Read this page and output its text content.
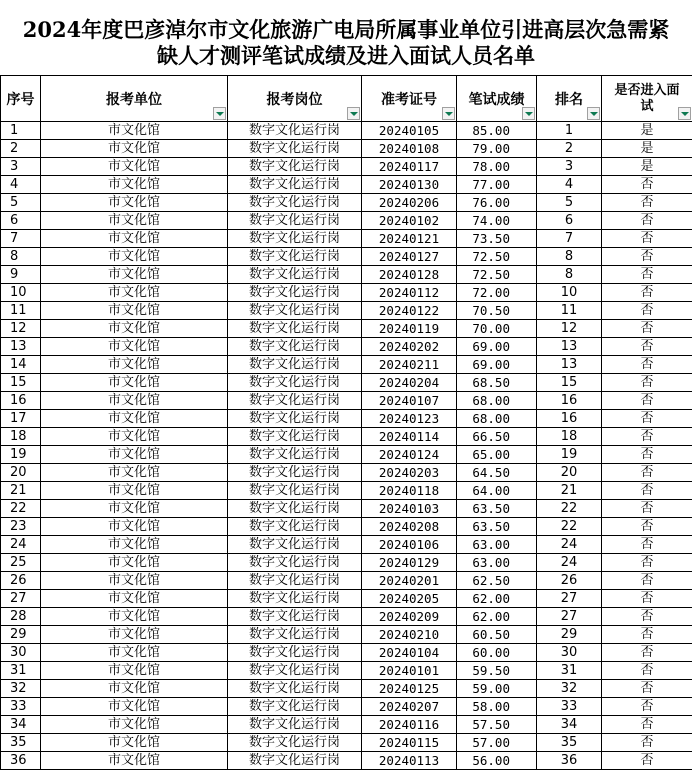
2024年度巴彦淖尔市文化旅游广电局所属事业单位引进高层次急需紧
缺人才测评笔试成绩及进入面试人员名单
序号	报考单位	报考岗位	准考证号	笔试成绩	排名	是否进入面试

1	市文化馆	数字文化运行岗	20240105	85.00	1	是
2	市文化馆	数字文化运行岗	20240108	79.00	2	是
3	市文化馆	数字文化运行岗	20240117	78.00	3	是
4	市文化馆	数字文化运行岗	20240130	77.00	4	否
5	市文化馆	数字文化运行岗	20240206	76.00	5	否
6	市文化馆	数字文化运行岗	20240102	74.00	6	否
7	市文化馆	数字文化运行岗	20240121	73.50	7	否
8	市文化馆	数字文化运行岗	20240127	72.50	8	否
9	市文化馆	数字文化运行岗	20240128	72.50	8	否
10	市文化馆	数字文化运行岗	20240112	72.00	10	否
11	市文化馆	数字文化运行岗	20240122	70.50	11	否
12	市文化馆	数字文化运行岗	20240119	70.00	12	否
13	市文化馆	数字文化运行岗	20240202	69.00	13	否
14	市文化馆	数字文化运行岗	20240211	69.00	13	否
15	市文化馆	数字文化运行岗	20240204	68.50	15	否
16	市文化馆	数字文化运行岗	20240107	68.00	16	否
17	市文化馆	数字文化运行岗	20240123	68.00	16	否
18	市文化馆	数字文化运行岗	20240114	66.50	18	否
19	市文化馆	数字文化运行岗	20240124	65.00	19	否
20	市文化馆	数字文化运行岗	20240203	64.50	20	否
21	市文化馆	数字文化运行岗	20240118	64.00	21	否
22	市文化馆	数字文化运行岗	20240103	63.50	22	否
23	市文化馆	数字文化运行岗	20240208	63.50	22	否
24	市文化馆	数字文化运行岗	20240106	63.00	24	否
25	市文化馆	数字文化运行岗	20240129	63.00	24	否
26	市文化馆	数字文化运行岗	20240201	62.50	26	否
27	市文化馆	数字文化运行岗	20240205	62.00	27	否
28	市文化馆	数字文化运行岗	20240209	62.00	27	否
29	市文化馆	数字文化运行岗	20240210	60.50	29	否
30	市文化馆	数字文化运行岗	20240104	60.00	30	否
31	市文化馆	数字文化运行岗	20240101	59.50	31	否
32	市文化馆	数字文化运行岗	20240125	59.00	32	否
33	市文化馆	数字文化运行岗	20240207	58.00	33	否
34	市文化馆	数字文化运行岗	20240116	57.50	34	否
35	市文化馆	数字文化运行岗	20240115	57.00	35	否
36	市文化馆	数字文化运行岗	20240113	56.00	36	否
